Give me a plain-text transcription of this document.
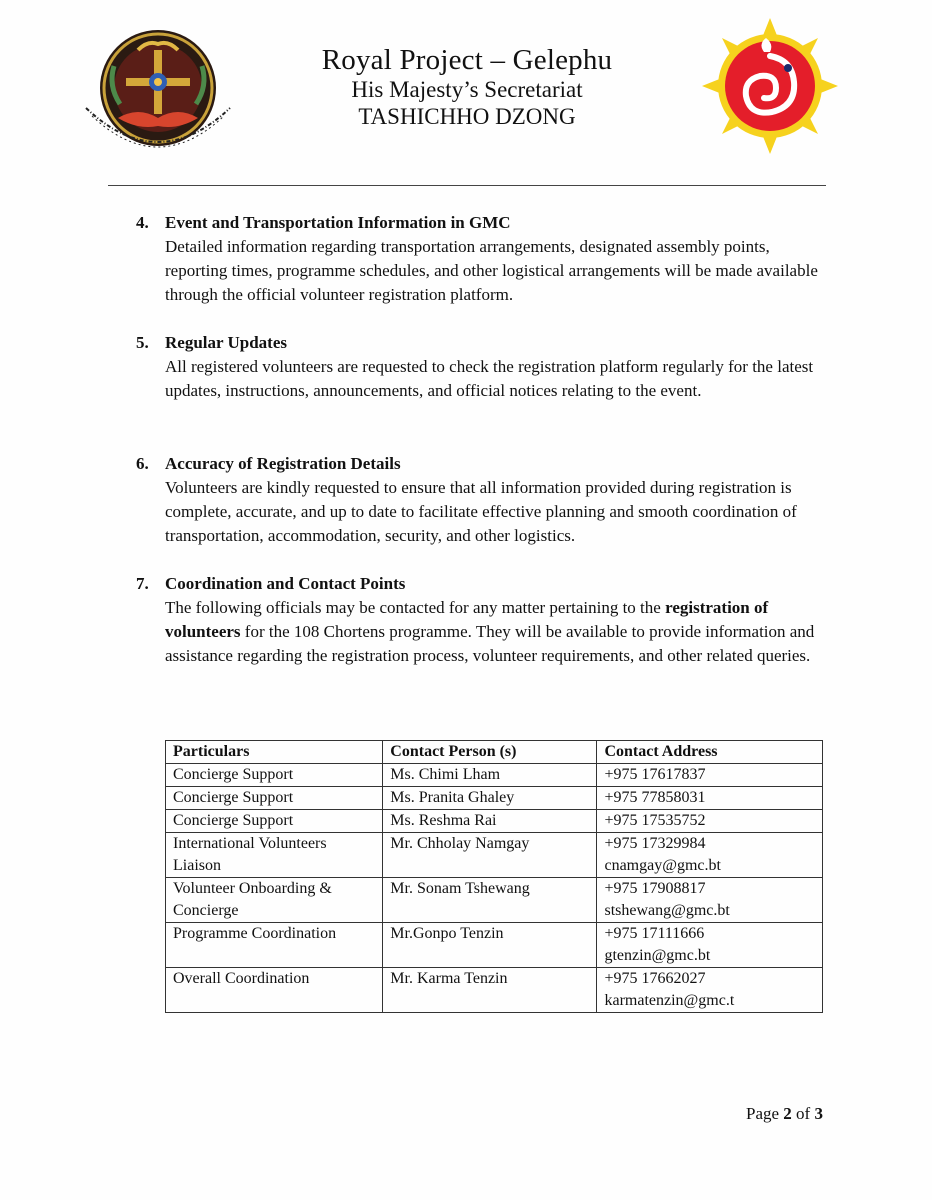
Royal Project – Gelephu
His Majesty’s Secretariat
TASHICHHO DZONG
4. Event and Transportation Information in GMC
Detailed information regarding transportation arrangements, designated assembly points, reporting times, programme schedules, and other logistical arrangements will be made available through the official volunteer registration platform.
5. Regular Updates
All registered volunteers are requested to check the registration platform regularly for the latest updates, instructions, announcements, and official notices relating to the event.
6. Accuracy of Registration Details
Volunteers are kindly requested to ensure that all information provided during registration is complete, accurate, and up to date to facilitate effective planning and smooth coordination of transportation, accommodation, security, and other logistics.
7. Coordination and Contact Points
The following officials may be contacted for any matter pertaining to the registration of volunteers for the 108 Chortens programme. They will be available to provide information and assistance regarding the registration process, volunteer requirements, and other related queries.
Particulars	Contact Person (s)	Contact Address
Concierge Support	Ms. Chimi Lham	+975 17617837

Concierge Support	Ms. Pranita Ghaley	+975 77858031

Concierge Support	Ms. Reshma Rai	+975 17535752

International Volunteers Liaison	Mr. Chholay Namgay	+975 17329984
cnamgay@gmc.bt

Volunteer Onboarding & Concierge	Mr. Sonam Tshewang	+975 17908817
stshewang@gmc.bt

Programme Coordination	Mr.Gonpo Tenzin	+975 17111666
gtenzin@gmc.bt

Overall Coordination	Mr. Karma Tenzin	+975 17662027
karmatenzin@gmc.t
Page 2 of 3
